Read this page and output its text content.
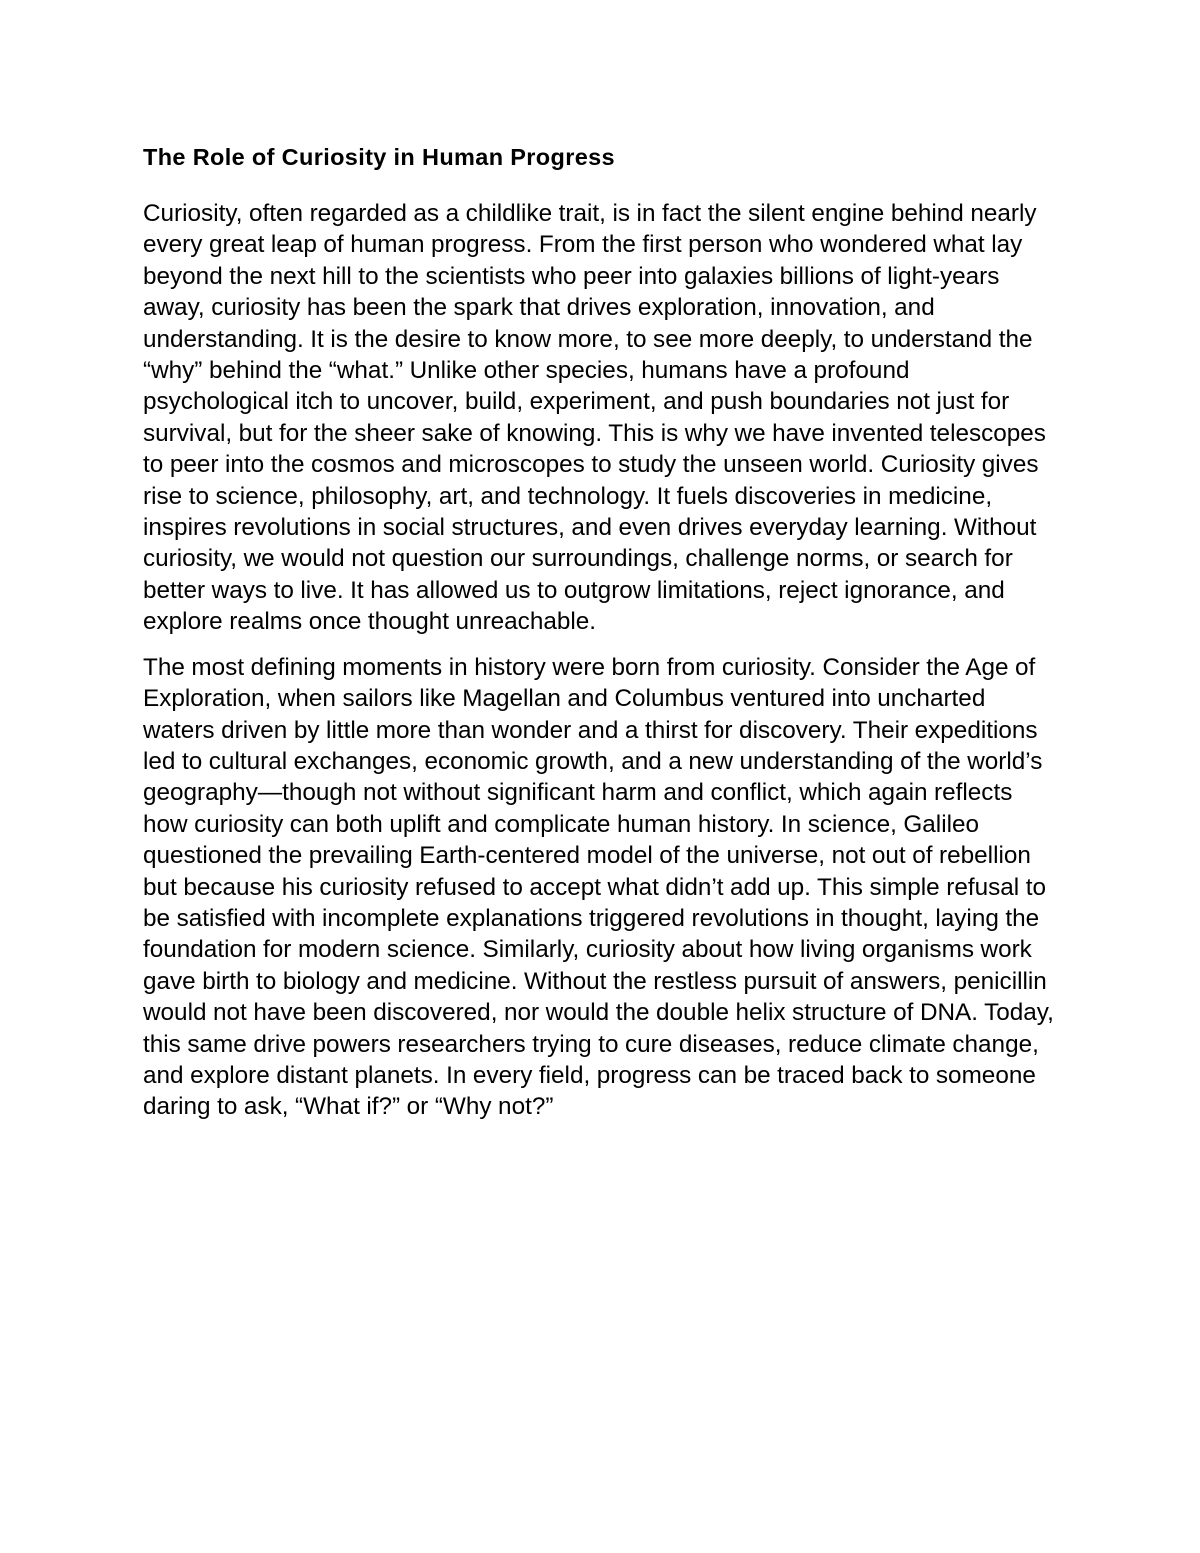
The Role of Curiosity in Human Progress

Curiosity, often regarded as a childlike trait, is in fact the silent engine behind nearly every great leap of human progress. From the first person who wondered what lay beyond the next hill to the scientists who peer into galaxies billions of light-years away, curiosity has been the spark that drives exploration, innovation, and understanding. It is the desire to know more, to see more deeply, to understand the “why” behind the “what.” Unlike other species, humans have a profound psychological itch to uncover, build, experiment, and push boundaries not just for survival, but for the sheer sake of knowing. This is why we have invented telescopes to peer into the cosmos and microscopes to study the unseen world. Curiosity gives rise to science, philosophy, art, and technology. It fuels discoveries in medicine, inspires revolutions in social structures, and even drives everyday learning. Without curiosity, we would not question our surroundings, challenge norms, or search for better ways to live. It has allowed us to outgrow limitations, reject ignorance, and explore realms once thought unreachable.

The most defining moments in history were born from curiosity. Consider the Age of Exploration, when sailors like Magellan and Columbus ventured into uncharted waters driven by little more than wonder and a thirst for discovery. Their expeditions led to cultural exchanges, economic growth, and a new understanding of the world’s geography—though not without significant harm and conflict, which again reflects how curiosity can both uplift and complicate human history. In science, Galileo questioned the prevailing Earth-centered model of the universe, not out of rebellion but because his curiosity refused to accept what didn’t add up. This simple refusal to be satisfied with incomplete explanations triggered revolutions in thought, laying the foundation for modern science. Similarly, curiosity about how living organisms work gave birth to biology and medicine. Without the restless pursuit of answers, penicillin would not have been discovered, nor would the double helix structure of DNA. Today, this same drive powers researchers trying to cure diseases, reduce climate change, and explore distant planets. In every field, progress can be traced back to someone daring to ask, “What if?” or “Why not?”
